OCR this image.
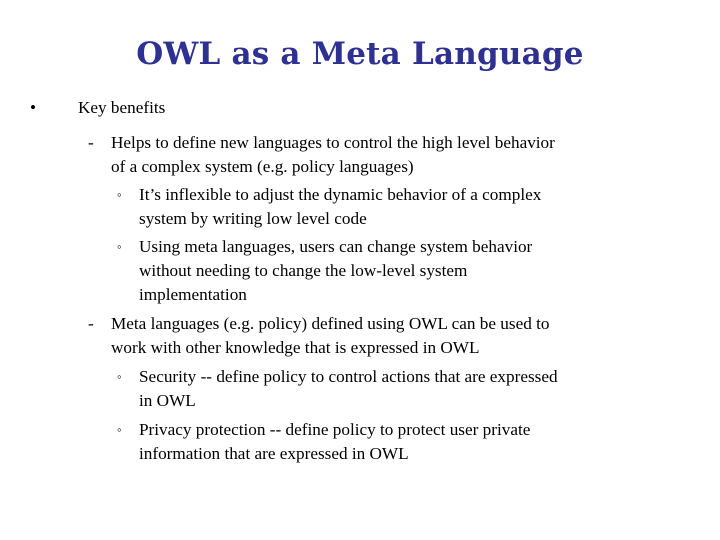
OWL as a Meta Language
• Key benefits
- Helps to define new languages to control the high level behavior
of a complex system (e.g. policy languages)
◦ It’s inflexible to adjust the dynamic behavior of a complex
system by writing low level code
◦ Using meta languages, users can change system behavior
without needing to change the low-level system
implementation
- Meta languages (e.g. policy) defined using OWL can be used to
work with other knowledge that is expressed in OWL
◦ Security -- define policy to control actions that are expressed
in OWL
◦ Privacy protection -- define policy to protect user private
information that are expressed in OWL
